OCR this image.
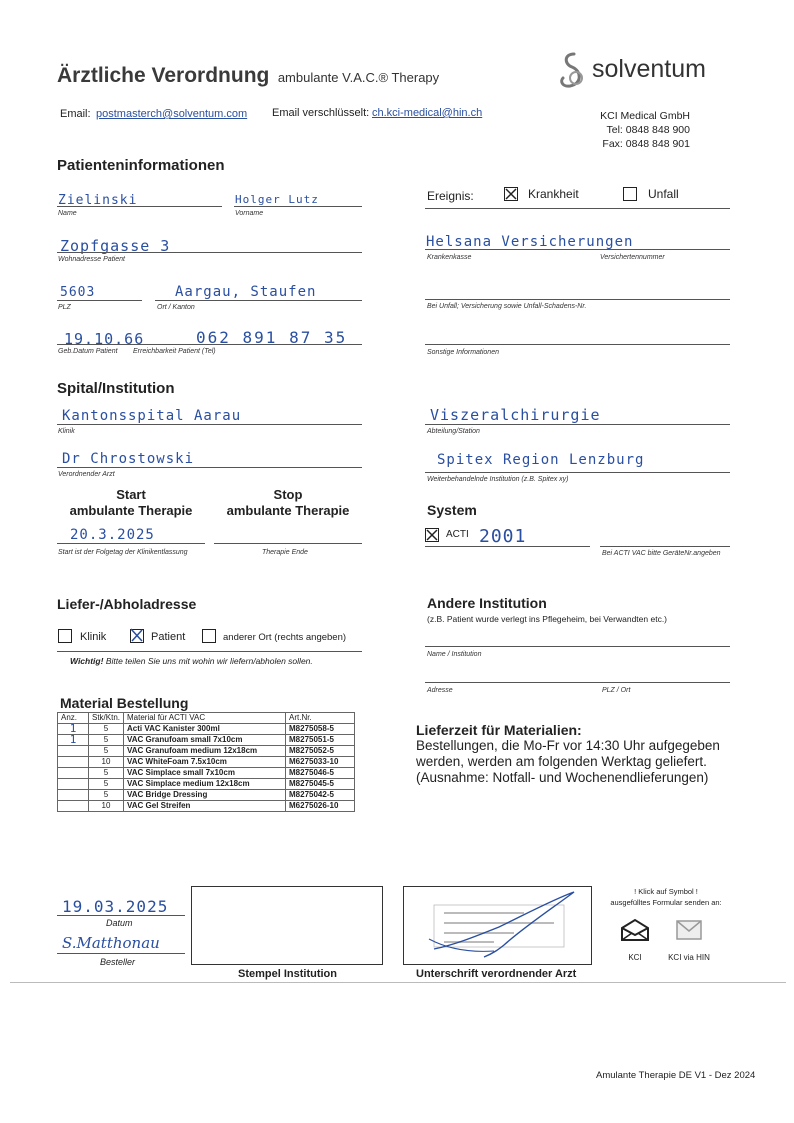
Ärztliche Verordnung ambulante V.A.C.® Therapy	solventum
Email: postmasterch@solventum.com Email verschlüsselt: ch.kci-medical@hin.ch	KCI Medical GmbH
Tel: 0848 848 900
Fax: 0848 848 901
Patienteninformationen
Zielinski
Name
Holger Lutz
Vorname
Zopfgasse 3
Wohnadresse Patient
5603
PLZ
Aargau, Staufen
Ort / Kanton
19.10.66
Geb.Datum Patient
062 891 87 35
Erreichbarkeit Patient (Tel)
Ereignis:	Krankheit	Unfall
Helsana Versicherungen
Krankenkasse	Versichertennummer
Bei Unfall; Versicherung sowie Unfall-Schadens-Nr.
Sonstige Informationen
Spital/Institution
Kantonsspital Aarau
Klinik
Dr Chrostowski
Verordnender Arzt
Viszeralchirurgie
Abteilung/Station
Spitex Region Lenzburg
Weiterbehandelnde Institution (z.B. Spitex xy)
Start
ambulante Therapie
Stop
ambulante Therapie
20.3.2025
Start ist der Folgetag der Klinikentlassung	Therapie Ende
System
ACTI 2001
Bei ACTI VAC bitte GeräteNr.angeben
Liefer-/Abholadresse
Klinik	Patient	anderer Ort (rechts angeben)
Wichtig! Bitte teilen Sie uns mit wohin wir liefern/abholen sollen.
Andere Institution
(z.B. Patient wurde verlegt ins Pflegeheim, bei Verwandten etc.)
Name / Institution
Adresse	PLZ / Ort
Material Bestellung
Anz.	Stk/Ktn.	Material für ACTI VAC	Art.Nr.
1	5	Acti VAC Kanister 300ml	M8275058-5
1	5	VAC Granufoam small 7x10cm	M8275051-5
	5	VAC Granufoam medium 12x18cm	M8275052-5
	10	VAC WhiteFoam 7.5x10cm	M6275033-10
	5	VAC Simplace small 7x10cm	M8275046-5
	5	VAC Simplace medium 12x18cm	M8275045-5
	5	VAC Bridge Dressing	M8275042-5
	10	VAC Gel Streifen	M6275026-10
Lieferzeit für Materialien:
Bestellungen, die Mo-Fr vor 14:30 Uhr aufgegeben
werden, werden am folgenden Werktag geliefert.
(Ausnahme: Notfall- und Wochenendlieferungen)
19.03.2025
Datum
S.Matthonau
Besteller
Stempel Institution	Unterschrift verordnender Arzt
! Klick auf Symbol !
ausgefülltes Formular senden an:
KCI	KCI via HIN
Amulante Therapie DE V1 - Dez 2024
